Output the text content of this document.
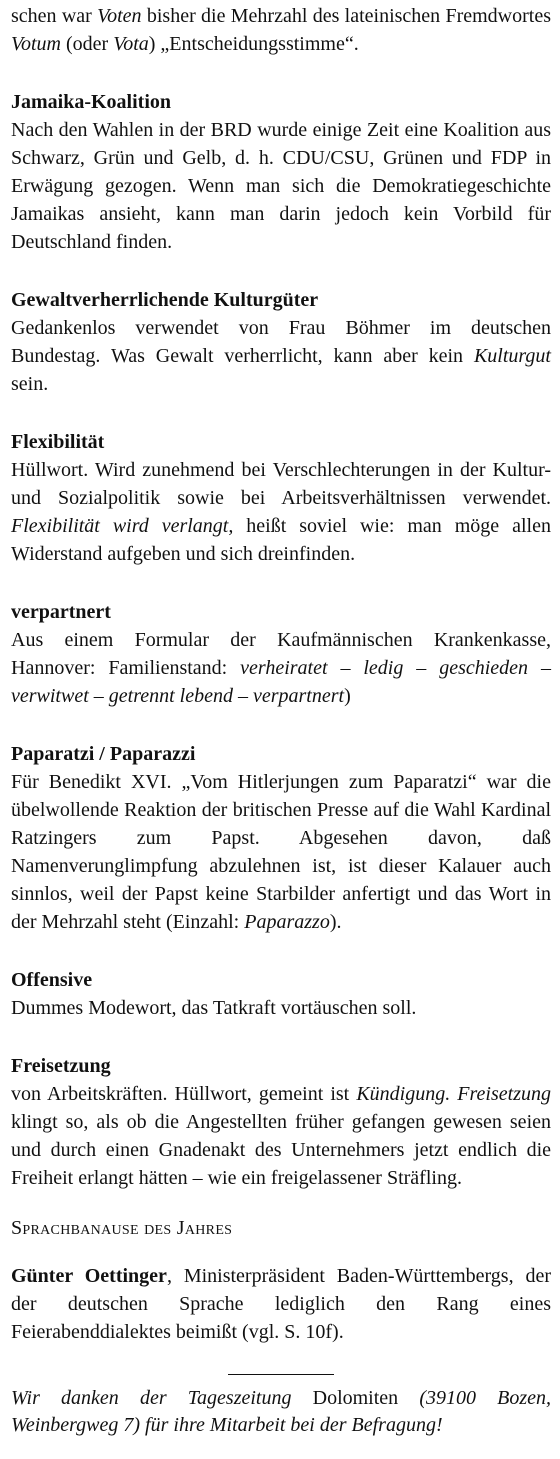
schen war Voten bisher die Mehrzahl des lateinischen Fremdwortes Votum (oder Vota) „Entscheidungsstimme“.

Jamaika-Koalition

Nach den Wahlen in der BRD wurde einige Zeit eine Koalition aus Schwarz, Grün und Gelb, d. h. CDU/CSU, Grünen und FDP in Erwägung gezogen. Wenn man sich die Demokratiegeschichte Jamaikas ansieht, kann man darin jedoch kein Vorbild für Deutschland finden.

Gewaltverherrlichende Kulturgüter

Gedankenlos verwendet von Frau Böhmer im deutschen Bundestag. Was Gewalt verherrlicht, kann aber kein Kulturgut sein.

Flexibilität

Hüllwort. Wird zunehmend bei Verschlechterungen in der Kultur- und Sozialpolitik sowie bei Arbeitsverhältnissen verwendet. Flexibilität wird verlangt, heißt soviel wie: man möge allen Widerstand aufgeben und sich dreinfinden.

verpartnert

Aus einem Formular der Kaufmännischen Krankenkasse, Hannover: Familienstand: verheiratet – ledig – geschieden – verwitwet – getrennt lebend – verpartnert)

Paparatzi / Paparazzi

Für Benedikt XVI. „Vom Hitlerjungen zum Paparatzi“ war die übelwollende Reaktion der britischen Presse auf die Wahl Kardinal Ratzingers zum Papst. Abgesehen davon, daß Namenverunglimpfung abzulehnen ist, ist dieser Kalauer auch sinnlos, weil der Papst keine Starbilder anfertigt und das Wort in der Mehrzahl steht (Einzahl: Paparazzo).

Offensive

Dummes Modewort, das Tatkraft vortäuschen soll.

Freisetzung

von Arbeitskräften. Hüllwort, gemeint ist Kündigung. Freisetzung klingt so, als ob die Angestellten früher gefangen gewesen seien und durch einen Gnadenakt des Unternehmers jetzt endlich die Freiheit erlangt hätten – wie ein freigelassener Sträfling.

Sprachbanause des Jahres

Günter Oettinger, Ministerpräsident Baden-Württembergs, der der deutschen Sprache lediglich den Rang eines Feierabenddialektes beimißt (vgl. S. 10f).

Wir danken der Tageszeitung Dolomiten (39100 Bozen, Weinbergweg 7) für ihre Mitarbeit bei der Befragung!
